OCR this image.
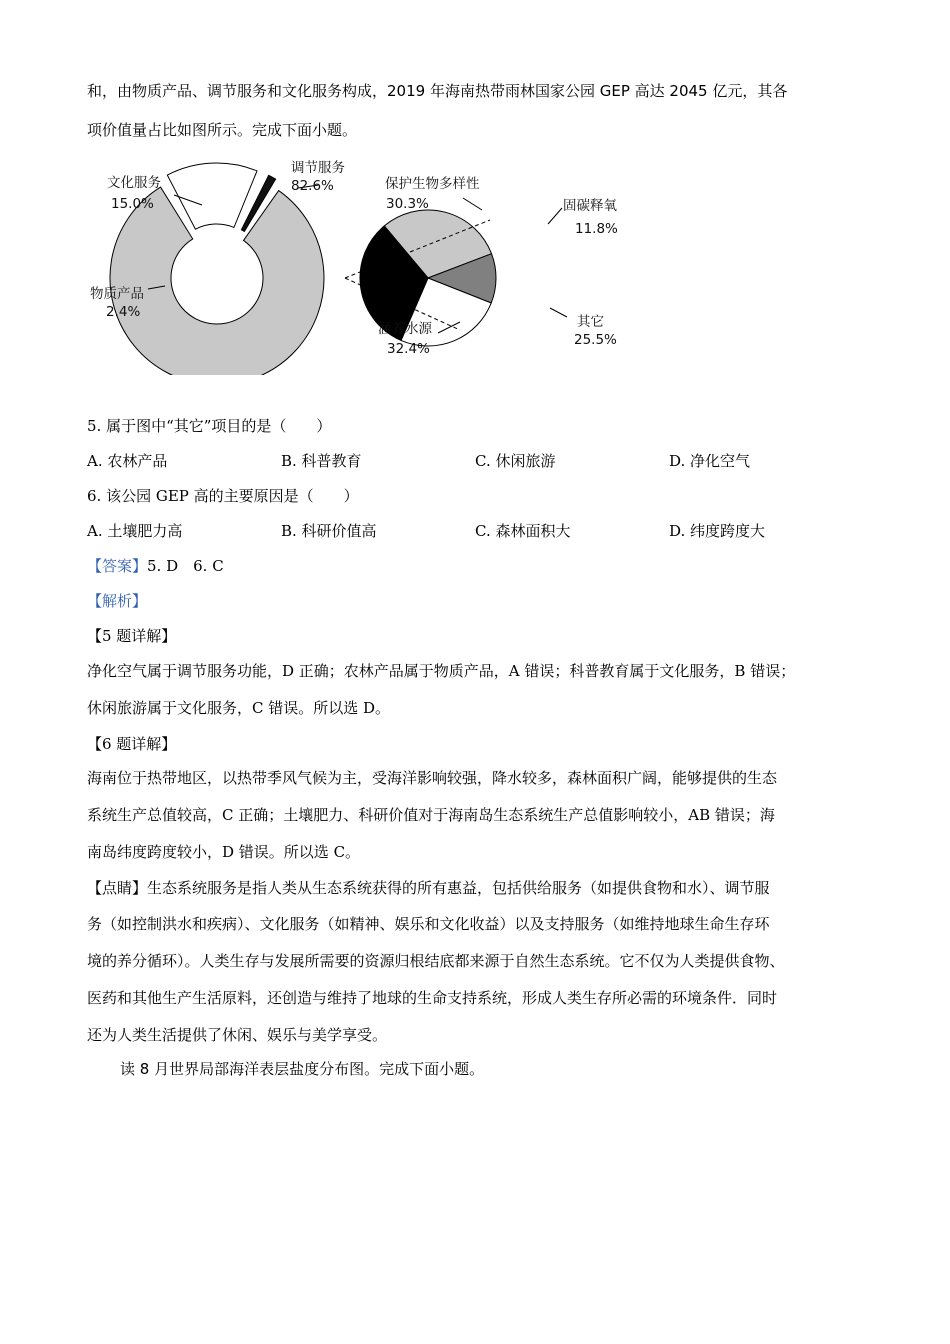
和，由物质产品、调节服务和文化服务构成，2019 年海南热带雨林国家公园 GEP 高达 2045 亿元，其各
项价值量占比如图所示。完成下面小题。
调节服务
82.6%
文化服务
15.0%
物质产品
2.4%
保护生物多样性
30.3%	固碳释氧
11.8%
其它
25.5%
涵养水源
32.4%
5. 属于图中“其它”项目的是（　　）
A. 农林产品	B. 科普教育	C. 休闲旅游	D. 净化空气
6. 该公园 GEP 高的主要原因是（　　）
A. 土壤肥力高	B. 科研价值高	C. 森林面积大	D. 纬度跨度大
【答案】5. D　6. C
【解析】
【5 题详解】
净化空气属于调节服务功能，D 正确；农林产品属于物质产品，A 错误；科普教育属于文化服务，B 错误；
休闲旅游属于文化服务，C 错误。所以选 D。
【6 题详解】
海南位于热带地区，以热带季风气候为主，受海洋影响较强，降水较多，森林面积广阔，能够提供的生态
系统生产总值较高，C 正确；土壤肥力、科研价值对于海南岛生态系统生产总值影响较小，AB 错误；海
南岛纬度跨度较小，D 错误。所以选 C。
【点睛】生态系统服务是指人类从生态系统获得的所有惠益，包括供给服务（如提供食物和水）、调节服
务（如控制洪水和疾病）、文化服务（如精神、娱乐和文化收益）以及支持服务（如维持地球生命生存环
境的养分循环）。人类生存与发展所需要的资源归根结底都来源于自然生态系统。它不仅为人类提供食物、
医药和其他生产生活原料，还创造与维持了地球的生命支持系统，形成人类生存所必需的环境条件．同时
还为人类生活提供了休闲、娱乐与美学享受。
读 8 月世界局部海洋表层盐度分布图。完成下面小题。
